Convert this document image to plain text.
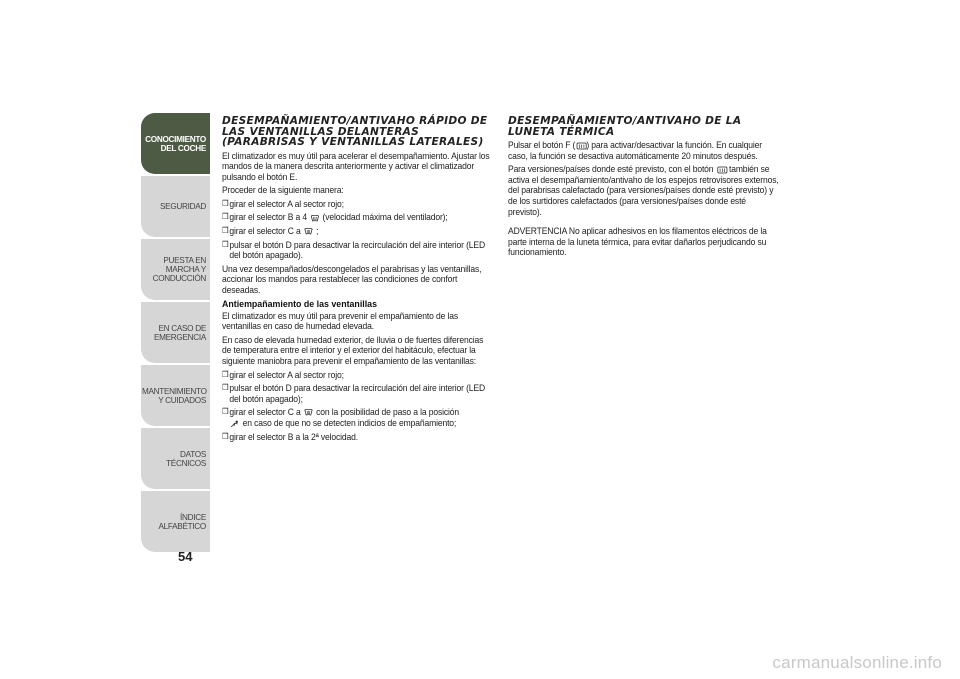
CONOCIMIENTO DEL COCHE
SEGURIDAD
PUESTA EN MARCHA Y CONDUCCIÓN
EN CASO DE EMERGENCIA
MANTENIMIENTO Y CUIDADOS
DATOS TÉCNICOS
ÍNDICE ALFABÉTICO
54
DESEMPAÑAMIENTO/ANTIVAHO RÁPIDO DE LAS VENTANILLAS DELANTERAS (PARABRISAS Y VENTANILLAS LATERALES)
El climatizador es muy útil para acelerar el desempañamiento. Ajustar los mandos de la manera descrita anteriormente y activar el climatizador pulsando el botón E.
Proceder de la siguiente manera:
❒ girar el selector A al sector rojo;
❒ girar el selector B a 4 (velocidad máxima del ventilador);
❒ girar el selector C a ;
❒ pulsar el botón D para desactivar la recirculación del aire interior (LED del botón apagado).
Una vez desempañados/descongelados el parabrisas y las ventanillas, accionar los mandos para restablecer las condiciones de confort deseadas.
Antiempañamiento de las ventanillas
El climatizador es muy útil para prevenir el empañamiento de las ventanillas en caso de humedad elevada.
En caso de elevada humedad exterior, de lluvia o de fuertes diferencias de temperatura entre el interior y el exterior del habitáculo, efectuar la siguiente maniobra para prevenir el empañamiento de las ventanillas:
❒ girar el selector A al sector rojo;
❒ pulsar el botón D para desactivar la recirculación del aire interior (LED del botón apagado);
❒ girar el selector C a con la posibilidad de paso a la posición

en caso de que no se detecten indicios de empañamiento;
❒ girar el selector B a la 2ª velocidad.
DESEMPAÑAMIENTO/ANTIVAHO DE LA LUNETA TÉRMICA
Pulsar el botón F ( ) para activar/desactivar la función. En cualquier caso, la función se desactiva automáticamente 20 minutos después.
Para versiones/países donde esté previsto, con el botón también se activa el desempañamiento/antivaho de los espejos retrovisores externos, del parabrisas calefactado (para versiones/países donde esté previsto) y de los surtidores calefactados (para versiones/países donde esté previsto).
ADVERTENCIA No aplicar adhesivos en los filamentos eléctricos de la parte interna de la luneta térmica, para evitar dañarlos perjudicando su funcionamiento.
carmanualsonline.info
